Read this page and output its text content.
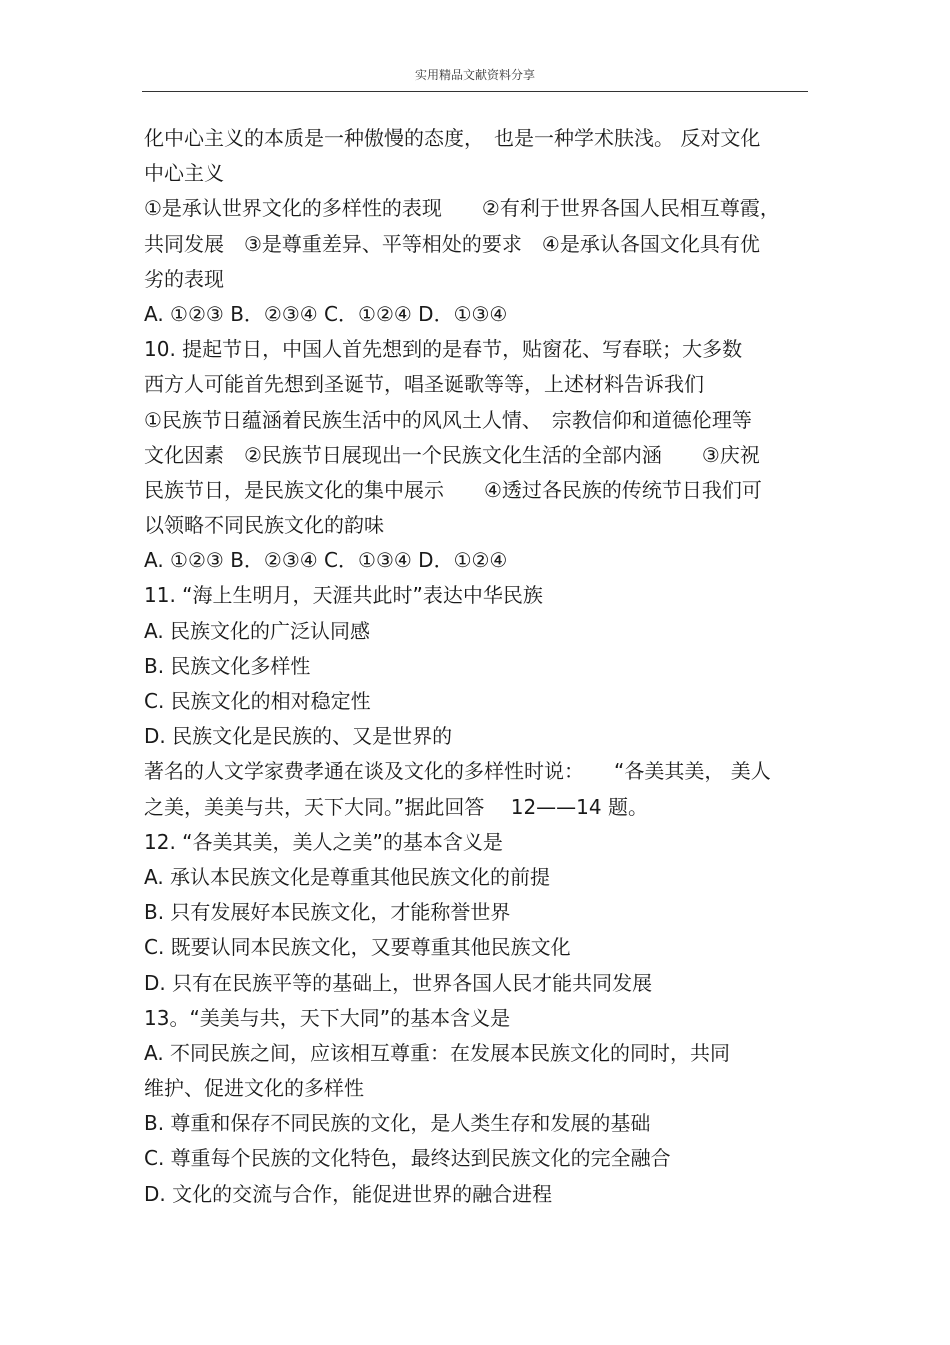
实用精品文献资料分享
化中心主义的本质是一种傲慢的态度，　也是一种学术肤浅。 反对文化
中心主义
①是承认世界文化的多样性的表现　　②有利于世界各国人民相互尊霞，
共同发展　③是尊重差异、平等相处的要求　④是承认各国文化具有优
劣的表现
A. ①②③ B．②③④ C．①②④ D．①③④
10. 提起节日，中国人首先想到的是春节，贴窗花、写春联；大多数
西方人可能首先想到圣诞节，唱圣诞歌等等，上述材料告诉我们
①民族节日蕴涵着民族生活中的风风土人情、　宗教信仰和道德伦理等
文化因素　②民族节日展现出一个民族文化生活的全部内涵　　③庆祝
民族节日，是民族文化的集中展示　　④透过各民族的传统节日我们可
以领略不同民族文化的韵味
A. ①②③ B．②③④ C．①③④ D．①②④
11. “海上生明月，天涯共此时”表达中华民族
A. 民族文化的广泛认同感
B. 民族文化多样性
C. 民族文化的相对稳定性
D. 民族文化是民族的、又是世界的
著名的人文学家费孝通在谈及文化的多样性时说：　　“各美其美， 美人
之美，美美与共，天下大同。”据此回答　 12——14 题。
12. “各美其美，美人之美”的基本含义是
A. 承认本民族文化是尊重其他民族文化的前提
B. 只有发展好本民族文化，才能称誉世界
C. 既要认同本民族文化，又要尊重其他民族文化
D. 只有在民族平等的基础上，世界各国人民才能共同发展
13。“美美与共，天下大同”的基本含义是
A. 不同民族之间，应该相互尊重：在发展本民族文化的同时，共同
维护、促进文化的多样性
B. 尊重和保存不同民族的文化，是人类生存和发展的基础
C. 尊重每个民族的文化特色，最终达到民族文化的完全融合
D. 文化的交流与合作，能促进世界的融合进程
